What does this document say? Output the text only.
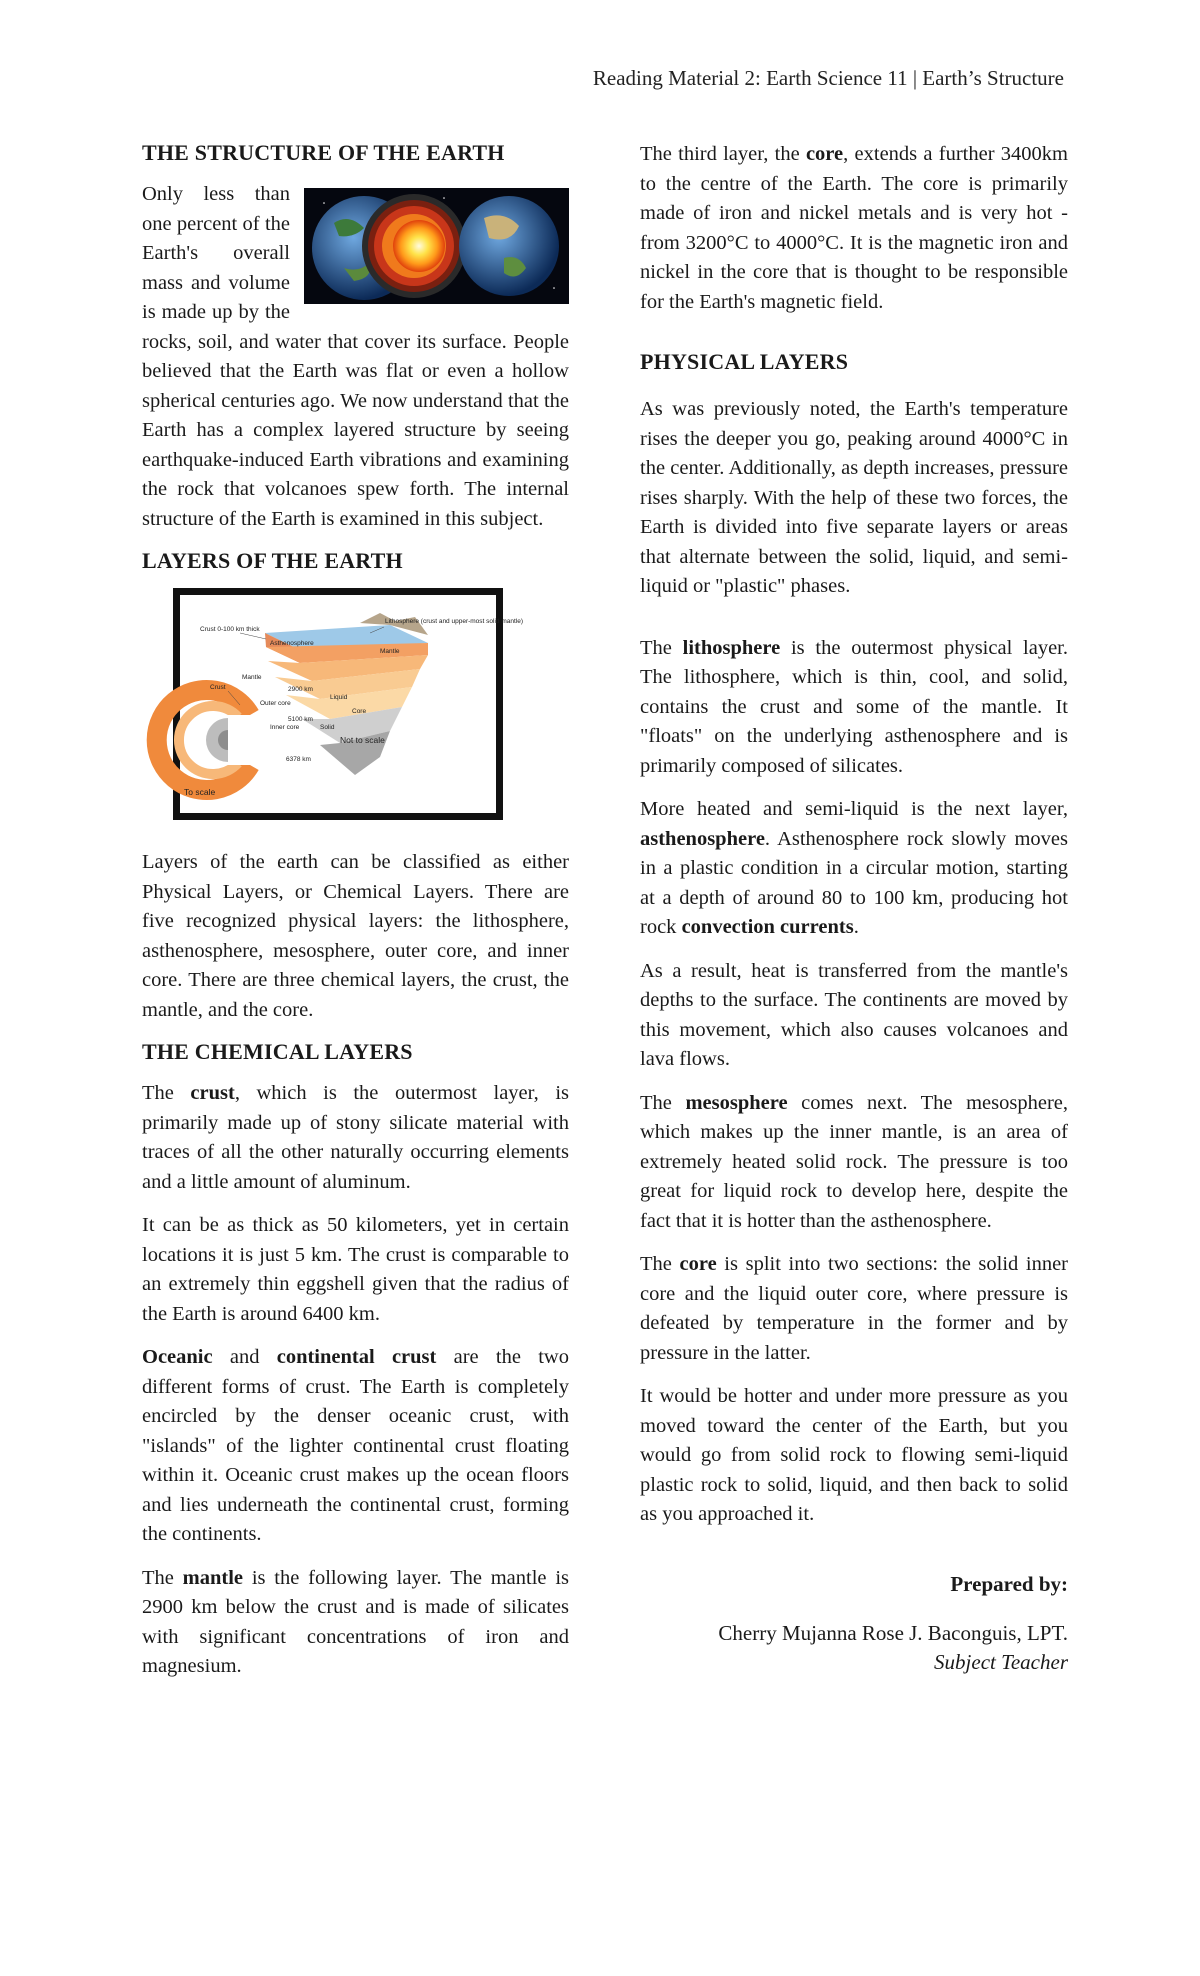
Reading Material 2: Earth Science 11 | Earth’s Structure
THE STRUCTURE OF THE EARTH

Only less than one percent of the Earth's overall mass and volume is made up by the rocks, soil, and water that cover its surface. People believed that the Earth was flat or even a hollow spherical centuries ago. We now understand that the Earth has a complex layered structure by seeing earthquake-induced Earth vibrations and examining the rock that volcanoes spew forth. The internal structure of the Earth is examined in this subject.

LAYERS OF THE EARTH
Crust 0-100 km thick
Asthenosphere
Lithosphere (crust and upper-most solid mantle)
Mantle
Mantle
Crust	2900 km
Liquid
Outer core
Core
5100 km
Inner core	Solid
6378 km
Not to scale
To scale

Layers of the earth can be classified as either Physical Layers, or Chemical Layers. There are five recognized physical layers: the lithosphere, asthenosphere, mesosphere, outer core, and inner core. There are three chemical layers, the crust, the mantle, and the core.

THE CHEMICAL LAYERS

The crust, which is the outermost layer, is primarily made up of stony silicate material with traces of all the other naturally occurring elements and a little amount of aluminum.

It can be as thick as 50 kilometers, yet in certain locations it is just 5 km. The crust is comparable to an extremely thin eggshell given that the radius of the Earth is around 6400 km.

Oceanic and continental crust are the two different forms of crust. The Earth is completely encircled by the denser oceanic crust, with "islands" of the lighter continental crust floating within it. Oceanic crust makes up the ocean floors and lies underneath the continental crust, forming the continents.

The mantle is the following layer. The mantle is 2900 km below the crust and is made of silicates with significant concentrations of iron and magnesium.

The third layer, the core, extends a further 3400km to the centre of the Earth. The core is primarily made of iron and nickel metals and is very hot - from 3200°C to 4000°C. It is the magnetic iron and nickel in the core that is thought to be responsible for the Earth's magnetic field.

PHYSICAL LAYERS

As was previously noted, the Earth's temperature rises the deeper you go, peaking around 4000°C in the center. Additionally, as depth increases, pressure rises sharply. With the help of these two forces, the Earth is divided into five separate layers or areas that alternate between the solid, liquid, and semi-liquid or "plastic" phases.

The lithosphere is the outermost physical layer. The lithosphere, which is thin, cool, and solid, contains the crust and some of the mantle. It "floats" on the underlying asthenosphere and is primarily composed of silicates.

More heated and semi-liquid is the next layer, asthenosphere. Asthenosphere rock slowly moves in a plastic condition in a circular motion, starting at a depth of around 80 to 100 km, producing hot rock convection currents.

As a result, heat is transferred from the mantle's depths to the surface. The continents are moved by this movement, which also causes volcanoes and lava flows.

The mesosphere comes next. The mesosphere, which makes up the inner mantle, is an area of extremely heated solid rock. The pressure is too great for liquid rock to develop here, despite the fact that it is hotter than the asthenosphere.

The core is split into two sections: the solid inner core and the liquid outer core, where pressure is defeated by temperature in the former and by pressure in the latter.

It would be hotter and under more pressure as you moved toward the center of the Earth, but you would go from solid rock to flowing semi-liquid plastic rock to solid, liquid, and then back to solid as you approached it.

Prepared by:
Cherry Mujanna Rose J. Baconguis, LPT.
Subject Teacher
